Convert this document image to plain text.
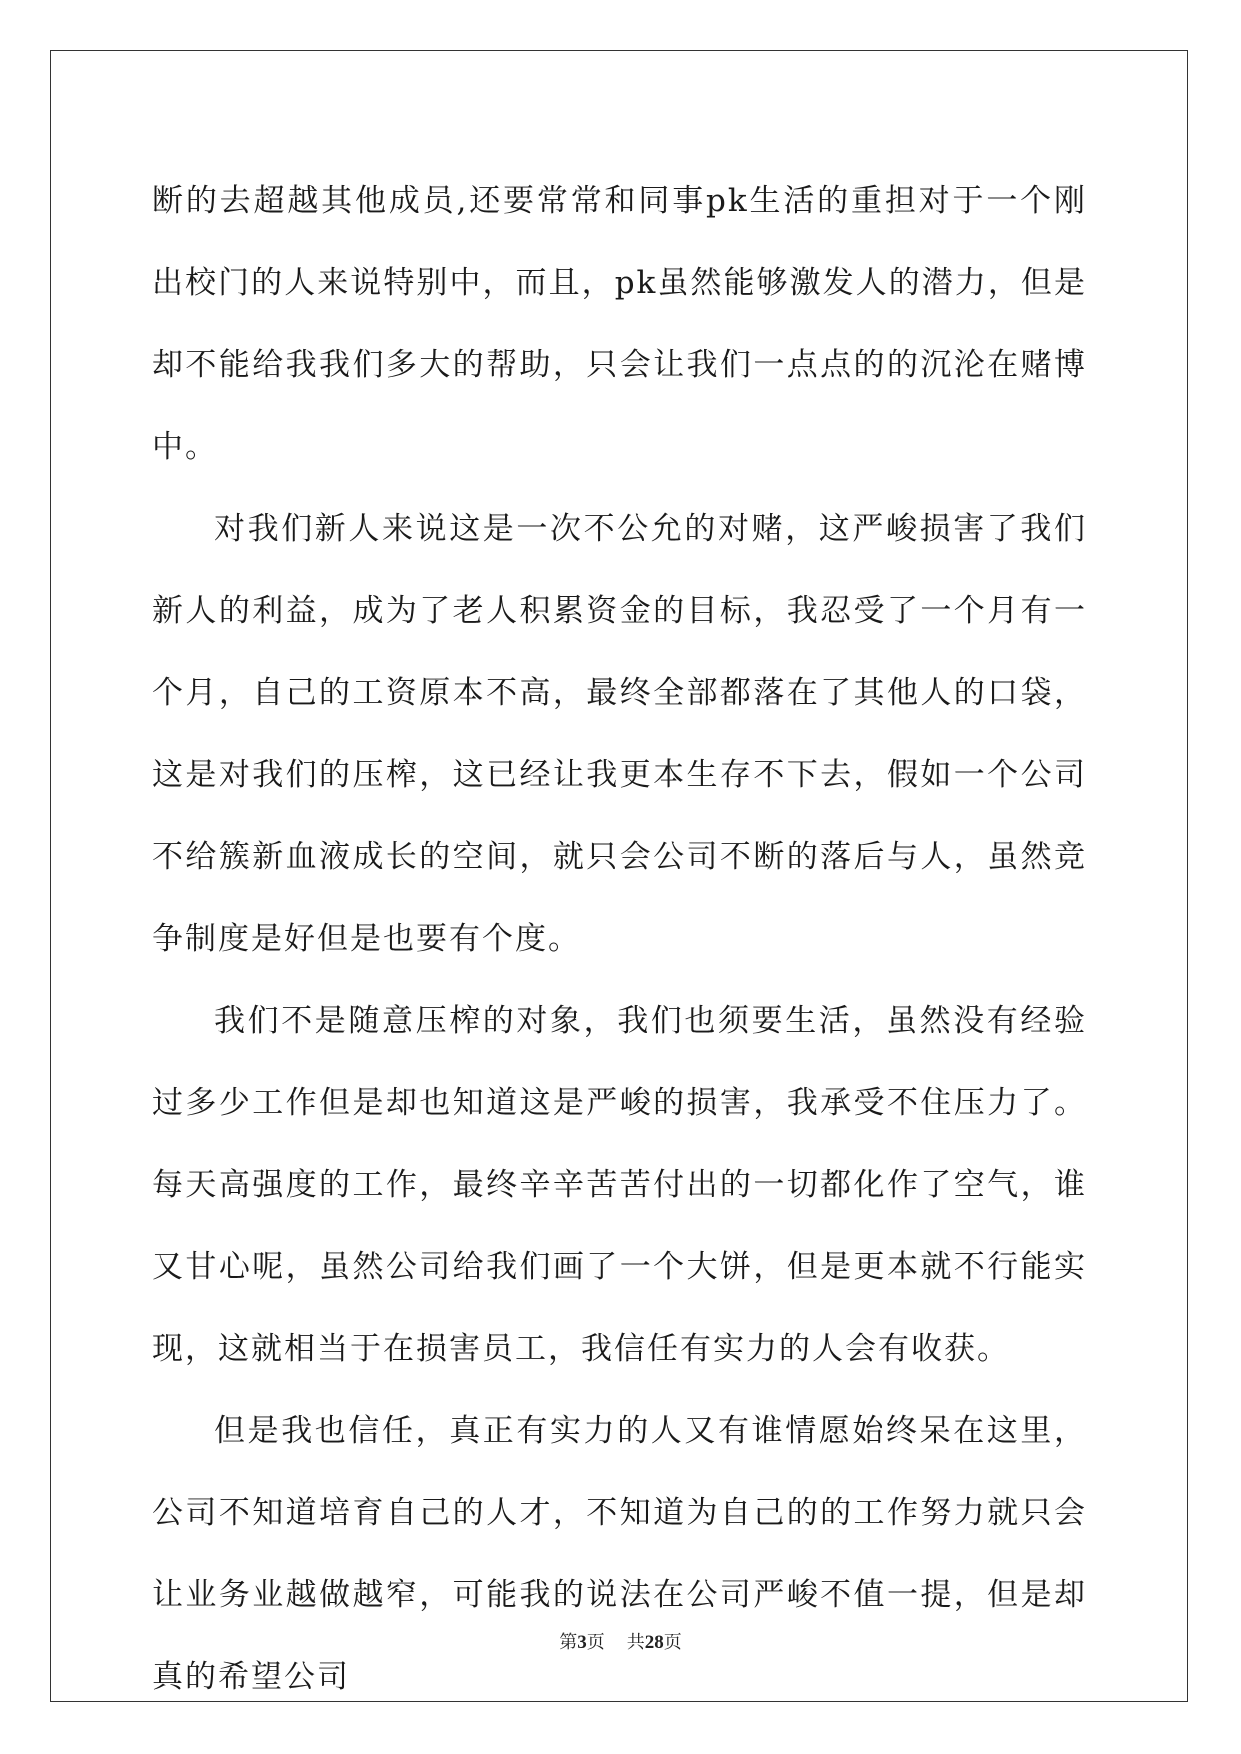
断的去超越其他成员,还要常常和同事pk生活的重担对于一个刚出校门的人来说特别中，而且，pk虽然能够激发人的潜力，但是却不能给我我们多大的帮助，只会让我们一点点的的沉沦在赌博中。

对我们新人来说这是一次不公允的对赌，这严峻损害了我们新人的利益，成为了老人积累资金的目标，我忍受了一个月有一个月，自己的工资原本不高，最终全部都落在了其他人的口袋，这是对我们的压榨，这已经让我更本生存不下去，假如一个公司不给簇新血液成长的空间，就只会公司不断的落后与人，虽然竞争制度是好但是也要有个度。

我们不是随意压榨的对象，我们也须要生活，虽然没有经验过多少工作但是却也知道这是严峻的损害，我承受不住压力了。每天高强度的工作，最终辛辛苦苦付出的一切都化作了空气，谁又甘心呢，虽然公司给我们画了一个大饼，但是更本就不行能实现，这就相当于在损害员工，我信任有实力的人会有收获。

但是我也信任，真正有实力的人又有谁情愿始终呆在这里，公司不知道培育自己的人才，不知道为自己的的工作努力就只会让业务业越做越窄，可能我的说法在公司严峻不值一提，但是却真的希望公司

第3页 共28页
